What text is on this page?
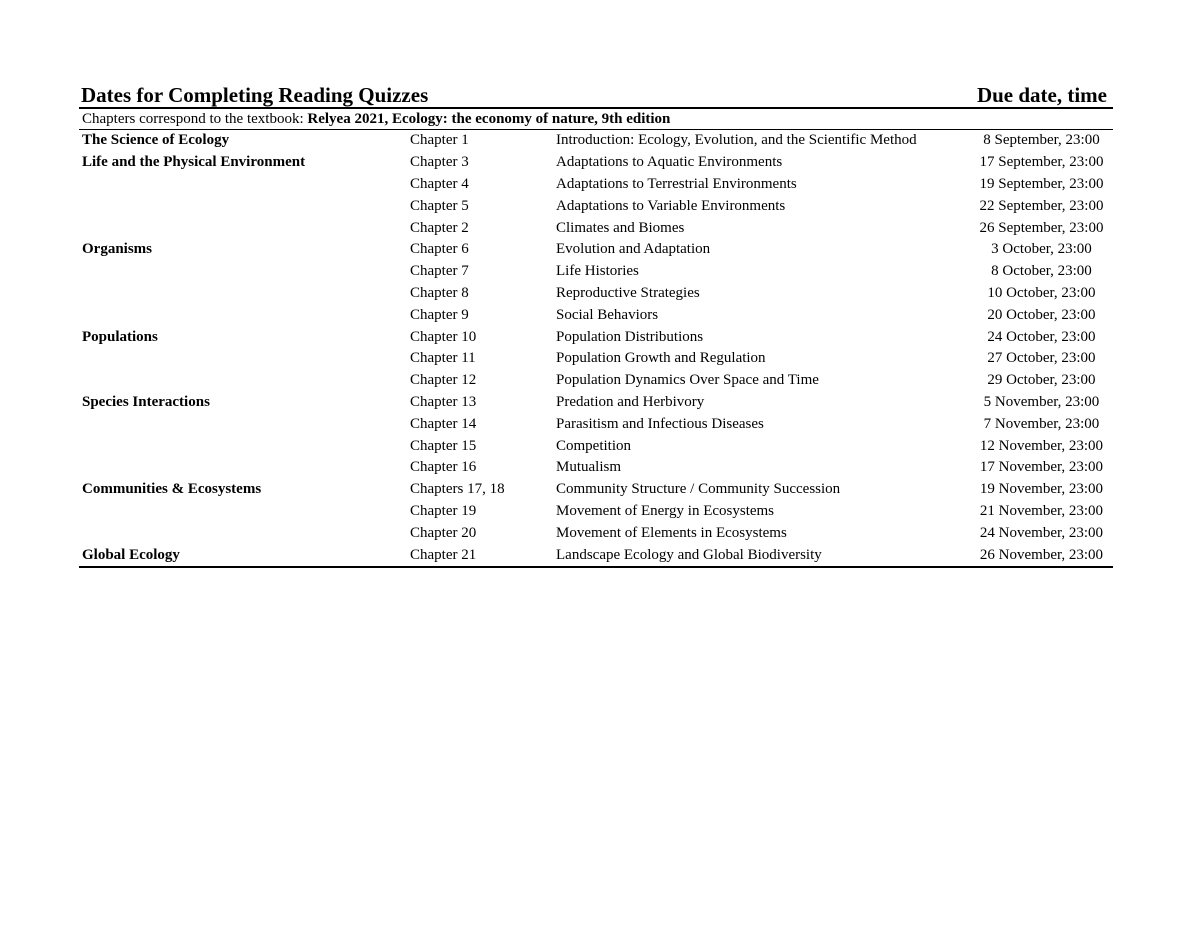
Dates for Completing Reading Quizzes	Due date, time
Chapters correspond to the textbook: Relyea 2021, Ecology: the economy of nature, 9th edition
The Science of Ecology	Chapter 1	Introduction: Ecology, Evolution, and the Scientific Method	8 September, 23:00
Life and the Physical Environment	Chapter 3	Adaptations to Aquatic Environments	17 September, 23:00
	Chapter 4	Adaptations to Terrestrial Environments	19 September, 23:00
	Chapter 5	Adaptations to Variable Environments	22 September, 23:00
	Chapter 2	Climates and Biomes	26 September, 23:00
Organisms	Chapter 6	Evolution and Adaptation	3 October, 23:00
	Chapter 7	Life Histories	8 October, 23:00
	Chapter 8	Reproductive Strategies	10 October, 23:00
	Chapter 9	Social Behaviors	20 October, 23:00
Populations	Chapter 10	Population Distributions	24 October, 23:00
	Chapter 11	Population Growth and Regulation	27 October, 23:00
	Chapter 12	Population Dynamics Over Space and Time	29 October, 23:00
Species Interactions	Chapter 13	Predation and Herbivory	5 November, 23:00
	Chapter 14	Parasitism and Infectious Diseases	7 November, 23:00
	Chapter 15	Competition	12 November, 23:00
	Chapter 16	Mutualism	17 November, 23:00
Communities & Ecosystems	Chapters 17, 18	Community Structure / Community Succession	19 November, 23:00
	Chapter 19	Movement of Energy in Ecosystems	21 November, 23:00
	Chapter 20	Movement of Elements in Ecosystems	24 November, 23:00
Global Ecology	Chapter 21	Landscape Ecology and Global Biodiversity	26 November, 23:00
